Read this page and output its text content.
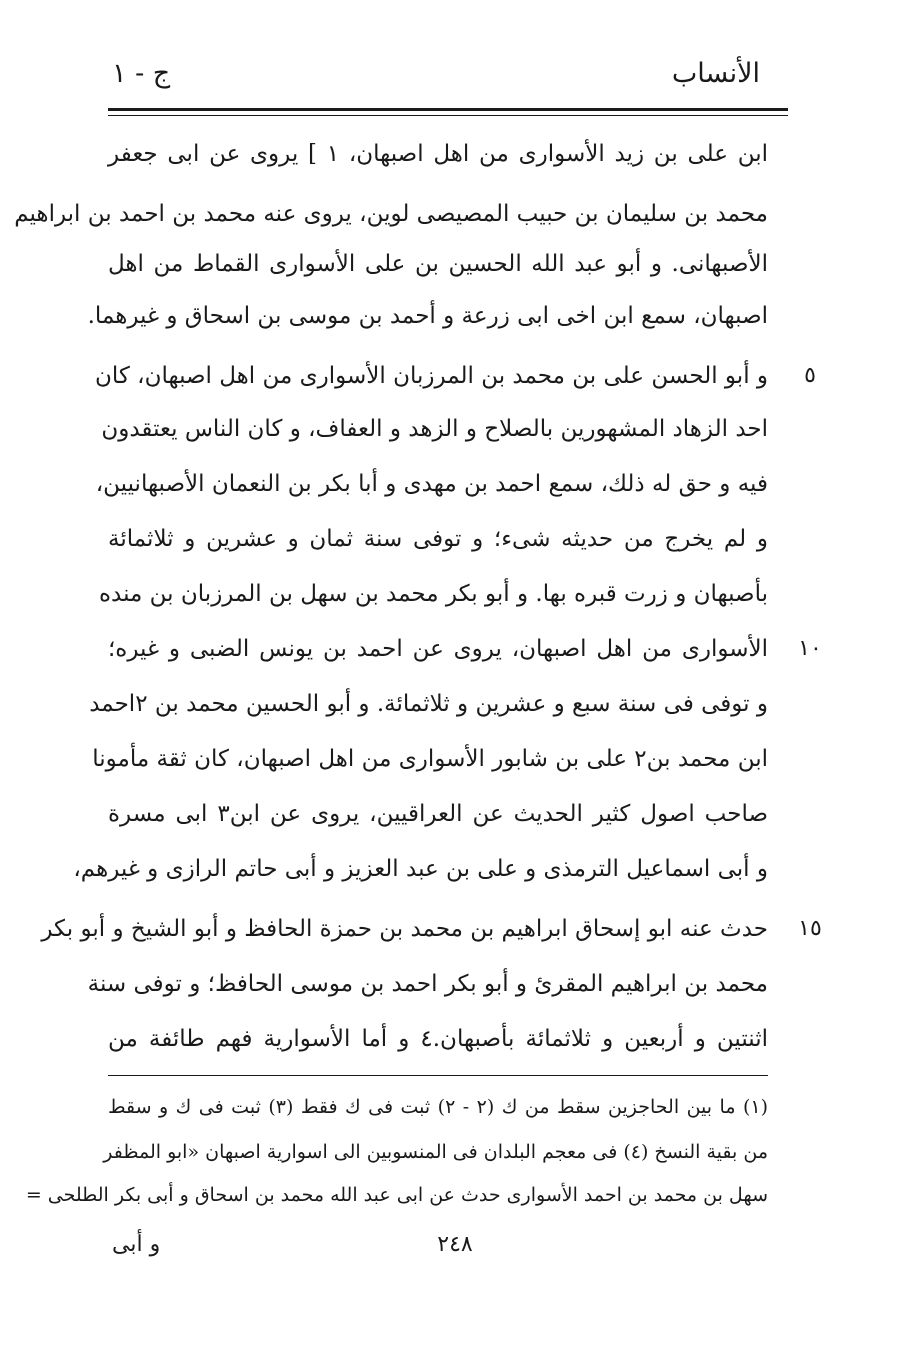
الأنساب
ج - ١
ابن علی بن زيد الأسواری من اهل اصبهان، ١ ] يروى عن ابی جعفر
محمد بن سليمان بن حبيب المصيصی لوين، يروى عنه محمد بن احمد بن ابراهيم
الأصبهانی. و أبو عبد الله الحسين بن علی الأسواری القماط من اهل
اصبهان، سمع ابن اخی ابی زرعة و أحمد بن موسى بن اسحاق و غيرهما.
و أبو الحسن علی بن محمد بن المرزبان الأسواری من اهل اصبهان، كان
احد الزهاد المشهورين بالصلاح و الزهد و العفاف، و كان الناس يعتقدون
فيه و حق له ذلك، سمع احمد بن مهدی و أبا بكر بن النعمان الأصبهانيين،
و لم يخرج من حديثه شیء؛ و توفی سنة ثمان و عشرين و ثلاثمائة
بأصبهان و زرت قبره بها. و أبو بكر محمد بن سهل بن المرزبان بن منده
الأسواری من اهل اصبهان، يروى عن احمد بن يونس الضبی و غيره؛
و توفی فی سنة سبع و عشرين و ثلاثمائة. و أبو الحسين محمد بن ٢احمد
ابن محمد بن٢ علی بن شابور الأسواری من اهل اصبهان، كان ثقة مأمونا
صاحب اصول كثير الحديث عن العراقيين، يروى عن ابن٣ ابی مسرة
و أبی اسماعيل الترمذی و علی بن عبد العزيز و أبی حاتم الرازی و غيرهم،
حدث عنه ابو إسحاق ابراهيم بن محمد بن حمزة الحافظ و أبو الشيخ و أبو بكر
محمد بن ابراهيم المقرئ و أبو بكر احمد بن موسى الحافظ؛ و توفی سنة
اثنتين و أربعين و ثلاثمائة بأصبهان.٤ و أما الأسوارية فهم طائفة من
٥
١٠
١٥
(١) ما بين الحاجزين سقط من ك (٢ - ٢) ثبت فی ك فقط (٣) ثبت فی ك و سقط
من بقية النسخ (٤) فی معجم البلدان فی المنسوبين الى اسوارية اصبهان «ابو المظفر
سهل بن محمد بن احمد الأسواری حدث عن ابی عبد الله محمد بن اسحاق و أبی بكر الطلحی =
٢٤٨
و أبی
